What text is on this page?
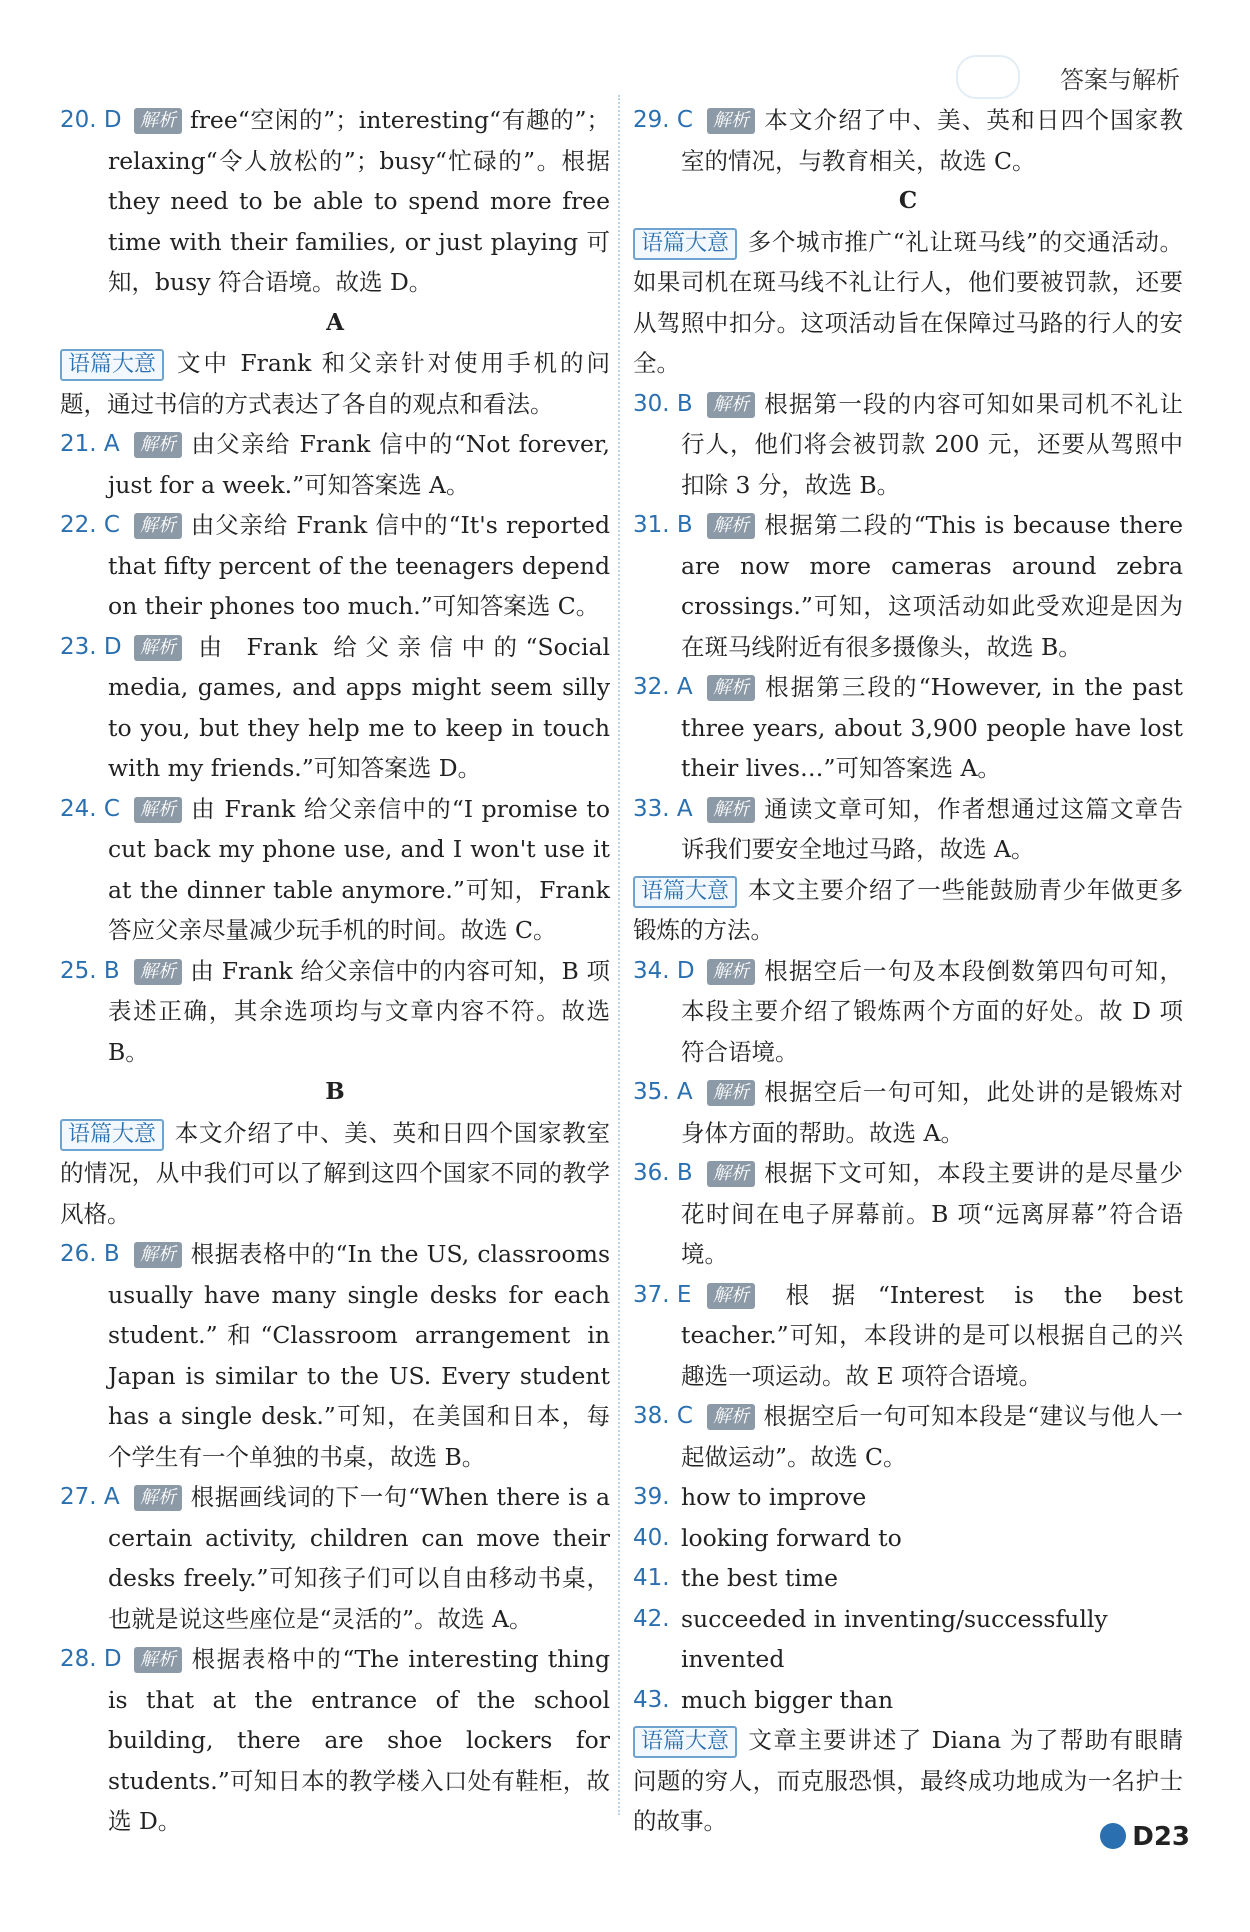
答案与解析
20. D 解析 free“空闲的”；interesting“有趣的”；relaxing“令人放松的”；busy“忙碌的”。根据they need to be able to spend more free time with their families, or just playing 可知，busy 符合语境。故选 D。
A
语篇大意 文中 Frank 和父亲针对使用手机的问题，通过书信的方式表达了各自的观点和看法。
21. A 解析 由父亲给 Frank 信中的“Not forever, just for a week.”可知答案选 A。
22. C 解析 由父亲给 Frank 信中的“It's reported that fifty percent of the teenagers depend on their phones too much.”可知答案选 C。
23. D 解析 由 Frank 给父亲信中的“Social media, games, and apps might seem silly to you, but they help me to keep in touch with my friends.”可知答案选 D。
24. C 解析 由 Frank 给父亲信中的“I promise to cut back my phone use, and I won't use it at the dinner table anymore.”可知，Frank 答应父亲尽量减少玩手机的时间。故选 C。
25. B 解析 由 Frank 给父亲信中的内容可知，B 项表述正确，其余选项均与文章内容不符。故选 B。
B
语篇大意 本文介绍了中、美、英和日四个国家教室的情况，从中我们可以了解到这四个国家不同的教学风格。
26. B 解析 根据表格中的“In the US, classrooms usually have many single desks for each student.”和“Classroom arrangement in Japan is similar to the US. Every student has a single desk.”可知，在美国和日本，每个学生有一个单独的书桌，故选 B。
27. A 解析 根据画线词的下一句“When there is a certain activity, children can move their desks freely.”可知孩子们可以自由移动书桌，也就是说这些座位是“灵活的”。故选 A。
28. D 解析 根据表格中的“The interesting thing is that at the entrance of the school building, there are shoe lockers for students.”可知日本的教学楼入口处有鞋柜，故选 D。
29. C 解析 本文介绍了中、美、英和日四个国家教室的情况，与教育相关，故选 C。
C
语篇大意 多个城市推广“礼让斑马线”的交通活动。如果司机在斑马线不礼让行人，他们要被罚款，还要从驾照中扣分。这项活动旨在保障过马路的行人的安全。
30. B 解析 根据第一段的内容可知如果司机不礼让行人，他们将会被罚款 200 元，还要从驾照中扣除 3 分，故选 B。
31. B 解析 根据第二段的“This is because there are now more cameras around zebra crossings.”可知，这项活动如此受欢迎是因为在斑马线附近有很多摄像头，故选 B。
32. A 解析 根据第三段的“However, in the past three years, about 3,900 people have lost their lives…”可知答案选 A。
33. A 解析 通读文章可知，作者想通过这篇文章告诉我们要安全地过马路，故选 A。
语篇大意 本文主要介绍了一些能鼓励青少年做更多锻炼的方法。
34. D 解析 根据空后一句及本段倒数第四句可知，本段主要介绍了锻炼两个方面的好处。故 D 项符合语境。
35. A 解析 根据空后一句可知，此处讲的是锻炼对身体方面的帮助。故选 A。
36. B 解析 根据下文可知，本段主要讲的是尽量少花时间在电子屏幕前。B 项“远离屏幕”符合语境。
37. E 解析 根据“Interest is the best teacher.”可知，本段讲的是可以根据自己的兴趣选一项运动。故 E 项符合语境。
38. C 解析 根据空后一句可知本段是“建议与他人一起做运动”。故选 C。
39. how to improve
40. looking forward to
41. the best time
42. succeeded in inventing/successfully invented
43. much bigger than
语篇大意 文章主要讲述了 Diana 为了帮助有眼睛问题的穷人，而克服恐惧，最终成功地成为一名护士的故事。
D23
